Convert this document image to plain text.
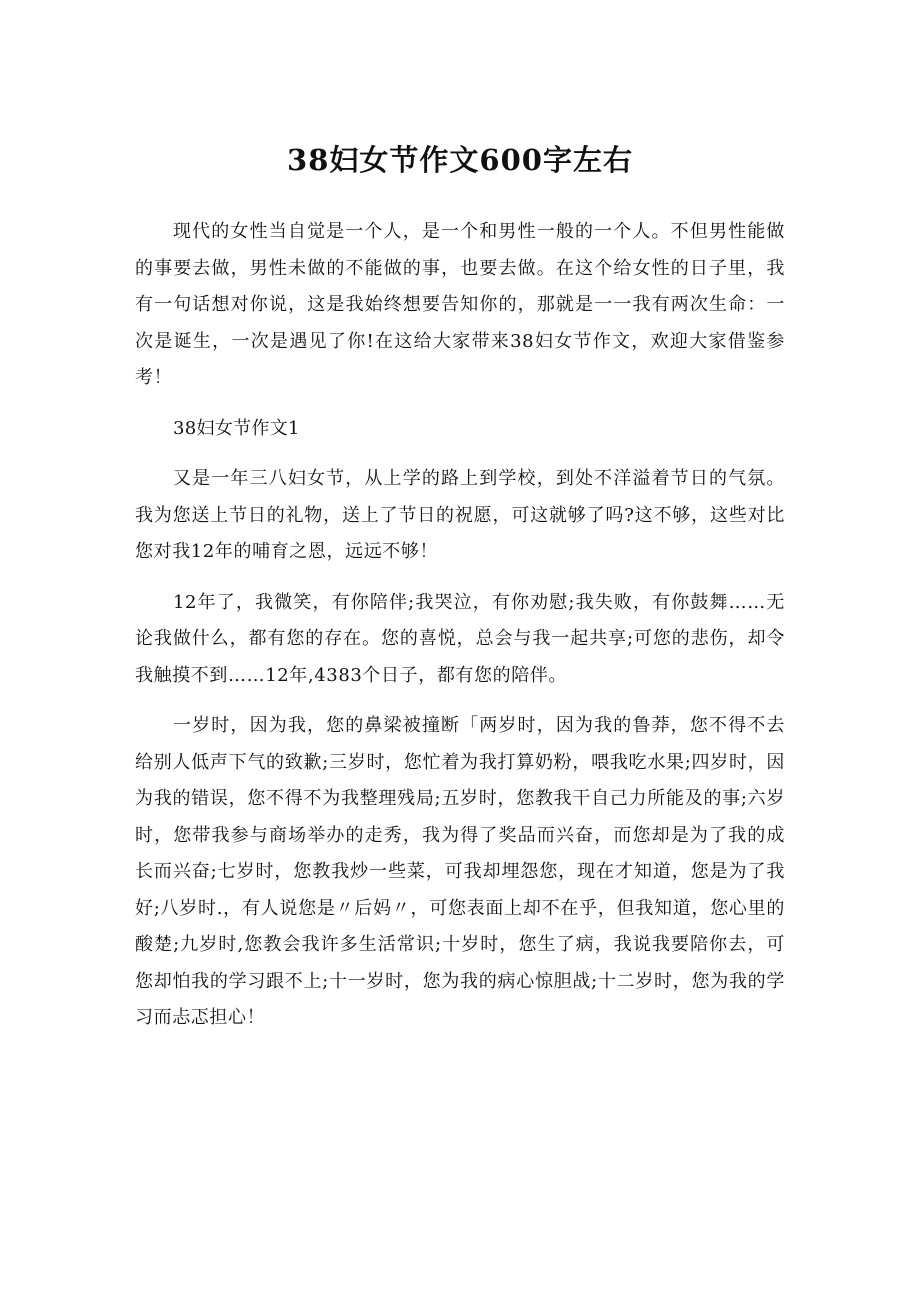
38妇女节作文600字左右

现代的女性当自觉是一个人，是一个和男性一般的一个人。不但男性能做的事要去做，男性未做的不能做的事，也要去做。在这个给女性的日子里，我有一句话想对你说，这是我始终想要告知你的，那就是一一我有两次生命：一次是诞生，一次是遇见了你!在这给大家带来38妇女节作文，欢迎大家借鉴参考！

38妇女节作文1

又是一年三八妇女节，从上学的路上到学校，到处不洋溢着节日的气氛。我为您送上节日的礼物，送上了节日的祝愿，可这就够了吗?这不够，这些对比您对我12年的哺育之恩，远远不够！

12年了，我微笑，有你陪伴;我哭泣，有你劝慰;我失败，有你鼓舞……无论我做什么，都有您的存在。您的喜悦，总会与我一起共享;可您的悲伤，却令我触摸不到……12年,4383个日子，都有您的陪伴。

一岁时，因为我，您的鼻梁被撞断「两岁时，因为我的鲁莽，您不得不去给别人低声下气的致歉;三岁时，您忙着为我打算奶粉，喂我吃水果;四岁时，因为我的错误，您不得不为我整理残局;五岁时，您教我干自己力所能及的事;六岁时，您带我参与商场举办的走秀，我为得了奖品而兴奋，而您却是为了我的成长而兴奋;七岁时，您教我炒一些菜，可我却埋怨您，现在才知道，您是为了我好;八岁时.，有人说您是〃后妈〃，可您表面上却不在乎，但我知道，您心里的酸楚;九岁时,您教会我许多生活常识;十岁时，您生了病，我说我要陪你去，可您却怕我的学习跟不上;十一岁时，您为我的病心惊胆战;十二岁时，您为我的学习而忐忑担心！
